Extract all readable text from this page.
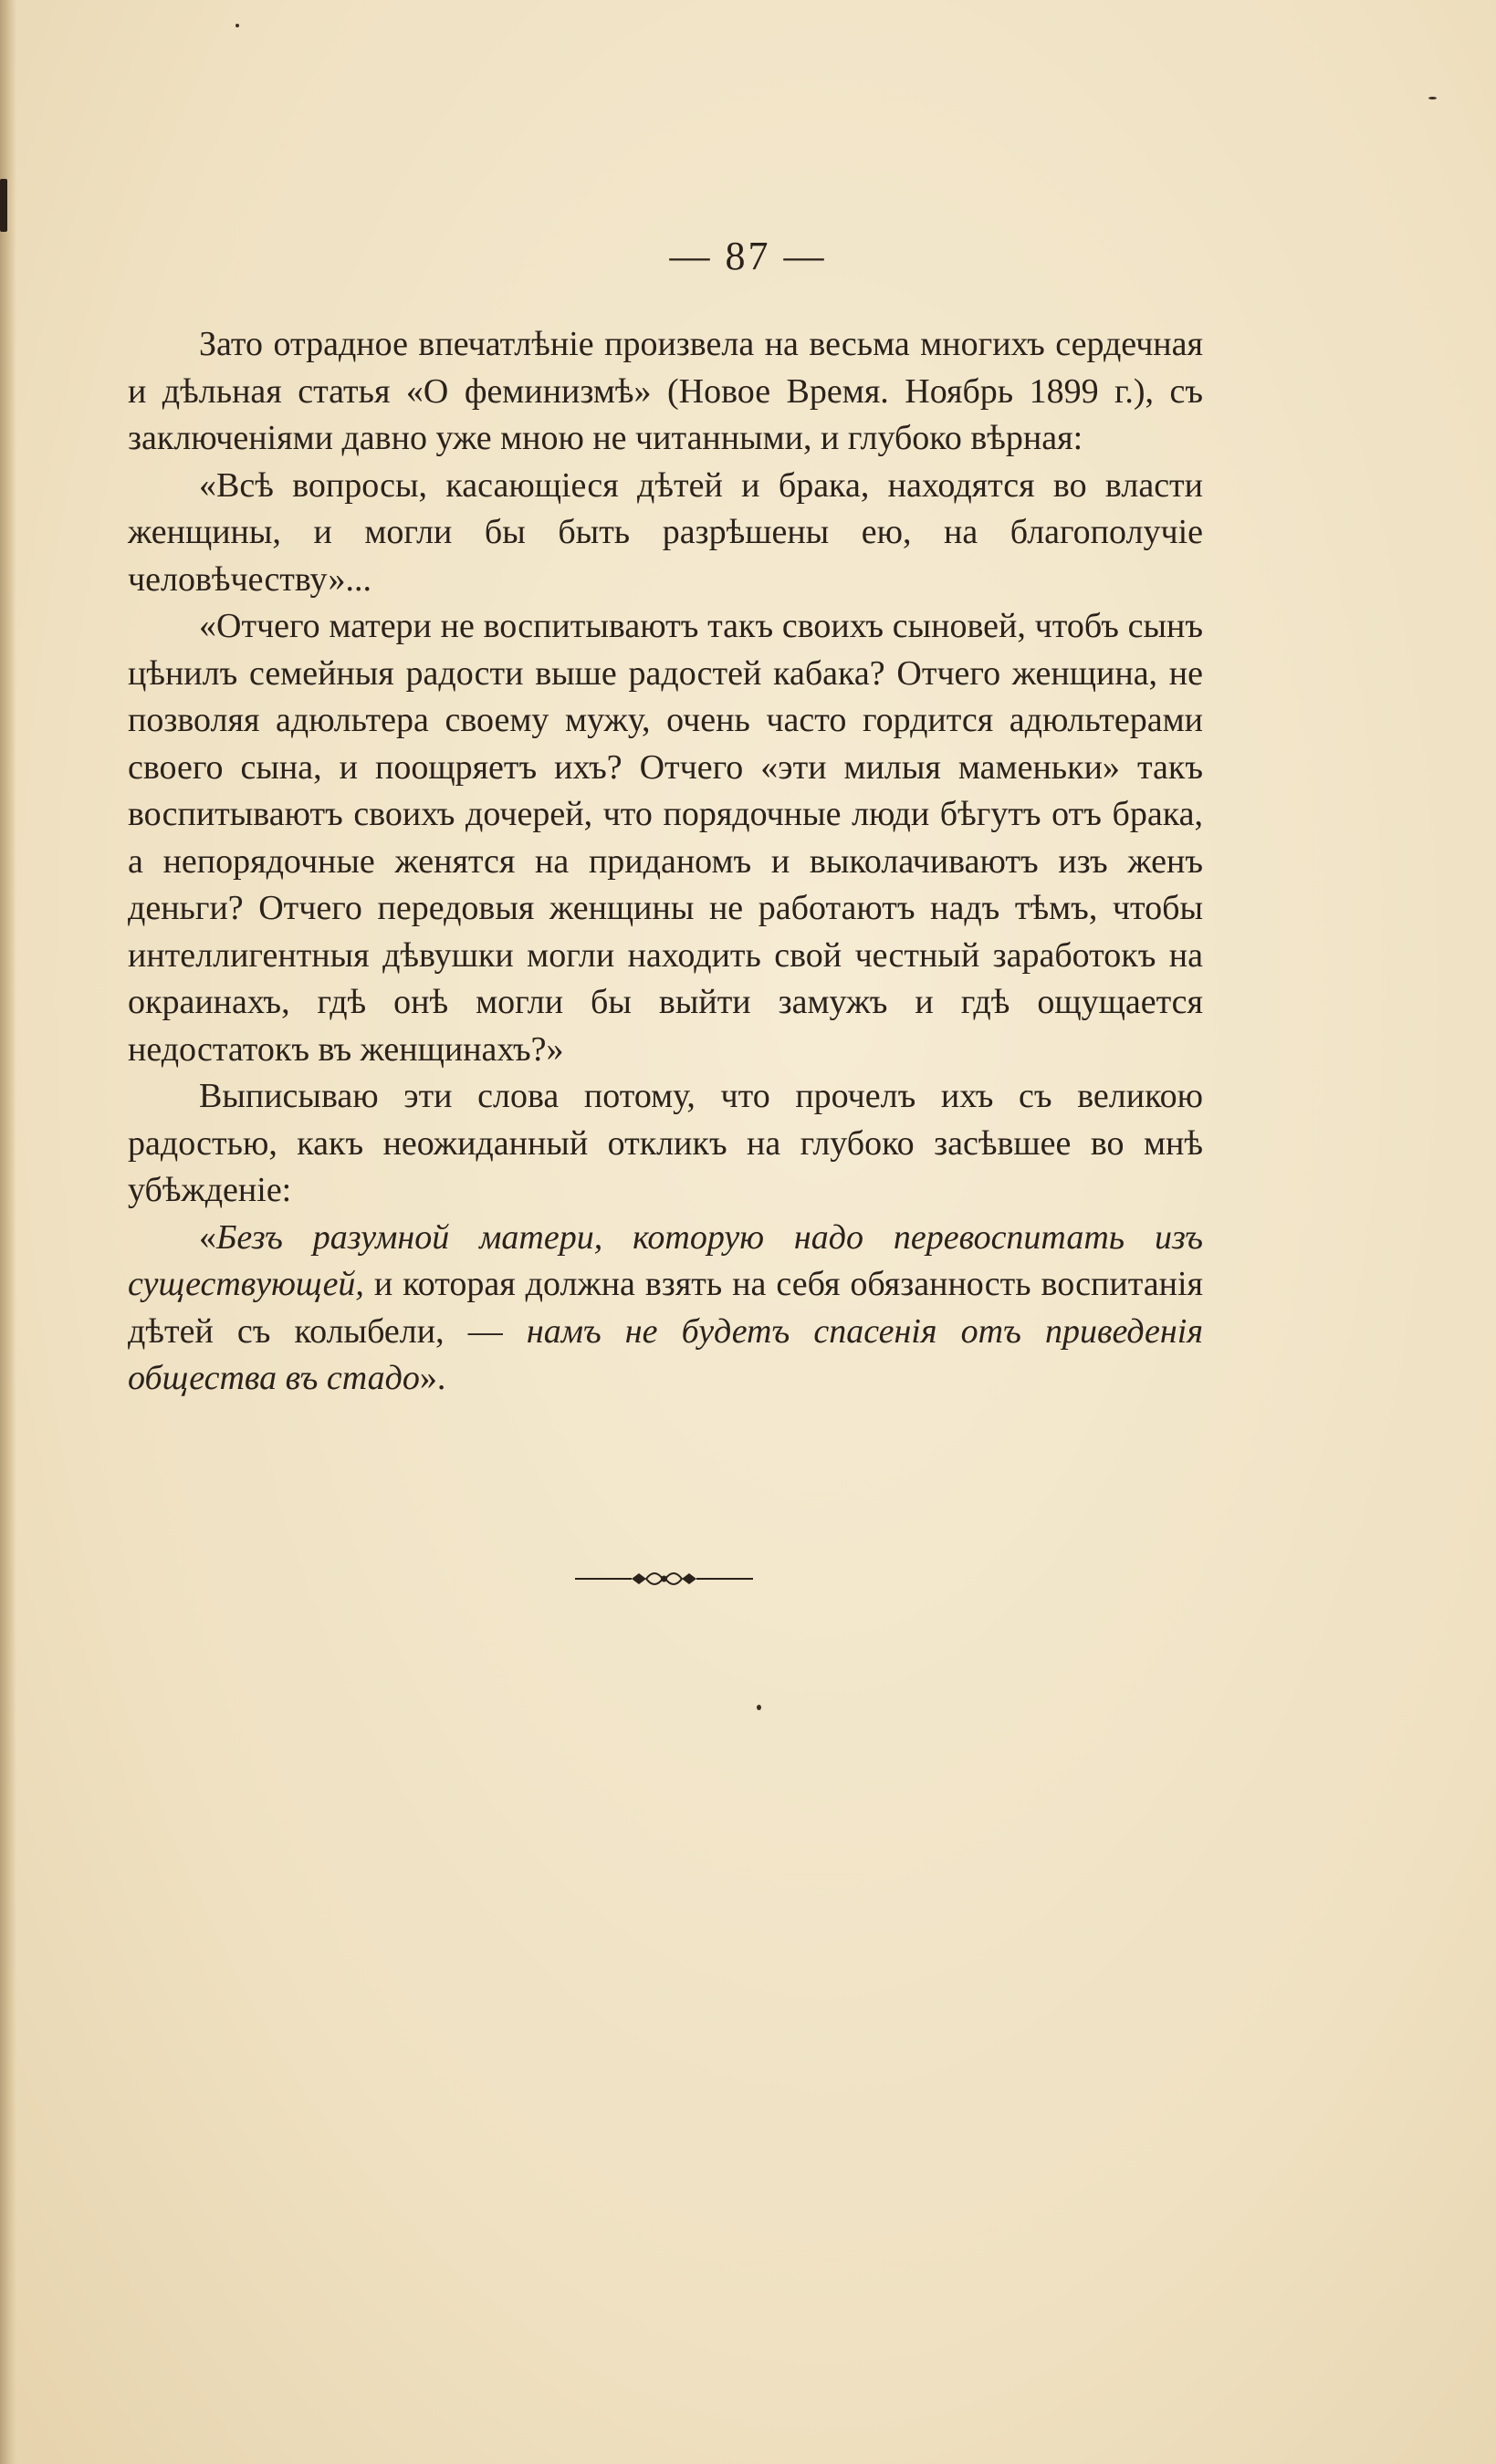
— 87 —

Зато отрадное впечатлѣніе произвела на весьма многихъ сердечная и дѣльная статья «О феминизмѣ» (Новое Время. Ноябрь 1899 г.), съ заключеніями давно уже мною не читанными, и глубоко вѣрная:

«Всѣ вопросы, касающіеся дѣтей и брака, находятся во власти женщины, и могли бы быть разрѣшены ею, на благополучіе человѣчеству»...

«Отчего матери не воспитываютъ такъ своихъ сыновей, чтобъ сынъ цѣнилъ семейныя радости выше радостей кабака? Отчего женщина, не позволяя адюльтера своему мужу, очень часто гордится адюльтерами своего сына, и поощряетъ ихъ? Отчего «эти милыя маменьки» такъ воспитываютъ своихъ дочерей, что порядочные люди бѣгутъ отъ брака, а непорядочные женятся на приданомъ и выколачиваютъ изъ женъ деньги? Отчего передовыя женщины не работаютъ надъ тѣмъ, чтобы интеллигентныя дѣвушки могли находить свой честный заработокъ на окраинахъ, гдѣ онѣ могли бы выйти замужъ и гдѣ ощущается недостатокъ въ женщинахъ?»

Выписываю эти слова потому, что прочелъ ихъ съ великою радостью, какъ неожиданный откликъ на глубоко засѣвшее во мнѣ убѣжденіе:

«Безъ разумной матери, которую надо перевоспитать изъ существующей, и которая должна взять на себя обязанность воспитанія дѣтей съ колыбели, — намъ не будетъ спасенія отъ приведенія общества въ стадо».
